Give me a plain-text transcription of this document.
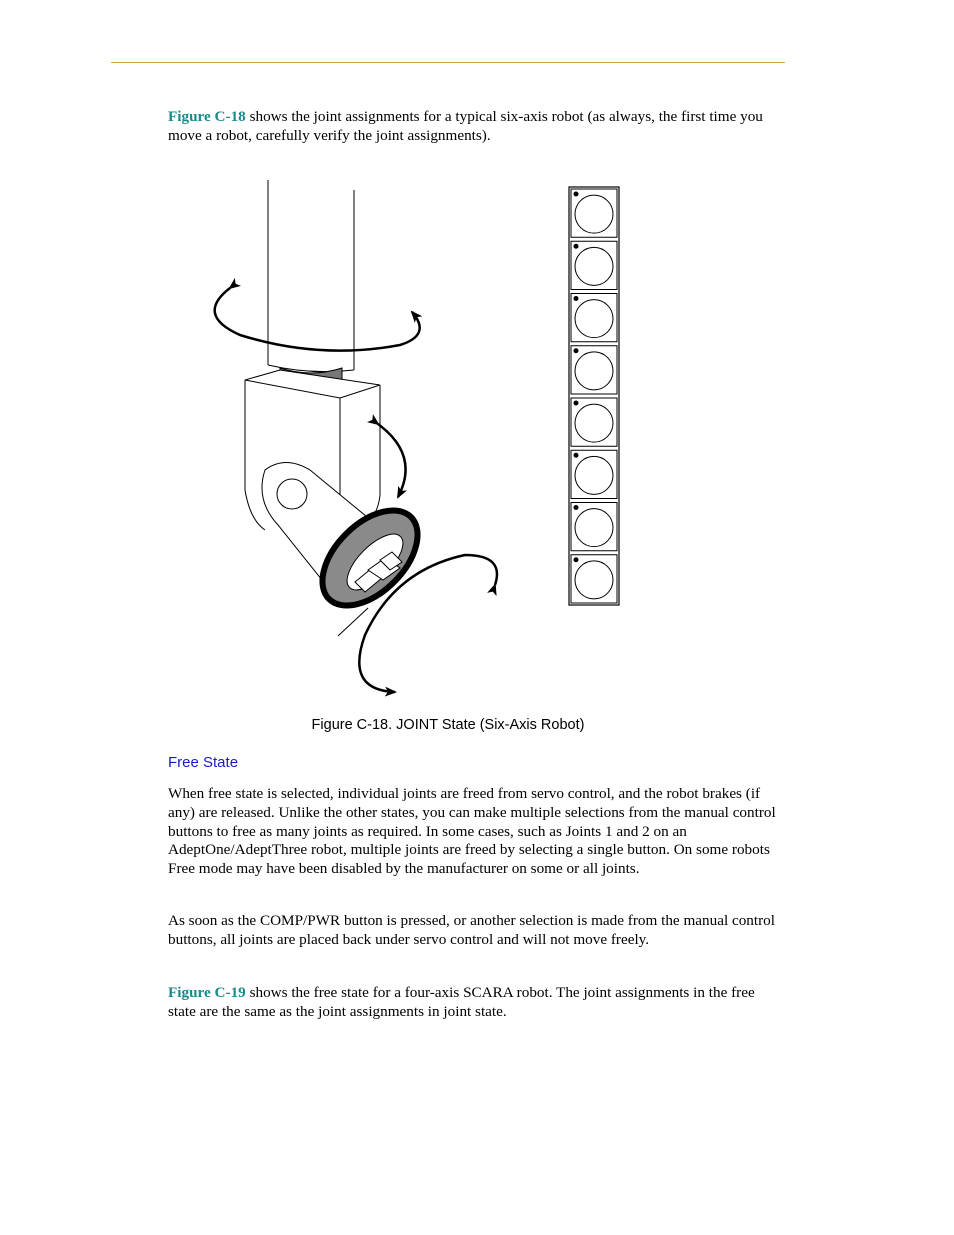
Figure C-18 shows the joint assignments for a typical six-axis robot (as always, the first time you move a robot, carefully verify the joint assignments).

Figure C-18. JOINT State (Six-Axis Robot)

Free State

When free state is selected, individual joints are freed from servo control, and the robot brakes (if any) are released. Unlike the other states, you can make multiple selections from the manual control buttons to free as many joints as required. In some cases, such as Joints 1 and 2 on an AdeptOne/AdeptThree robot, multiple joints are freed by selecting a single button. On some robots Free mode may have been disabled by the manufacturer on some or all joints.

As soon as the COMP/PWR button is pressed, or another selection is made from the manual control buttons, all joints are placed back under servo control and will not move freely.

Figure C-19 shows the free state for a four-axis SCARA robot. The joint assignments in the free state are the same as the joint assignments in joint state.
